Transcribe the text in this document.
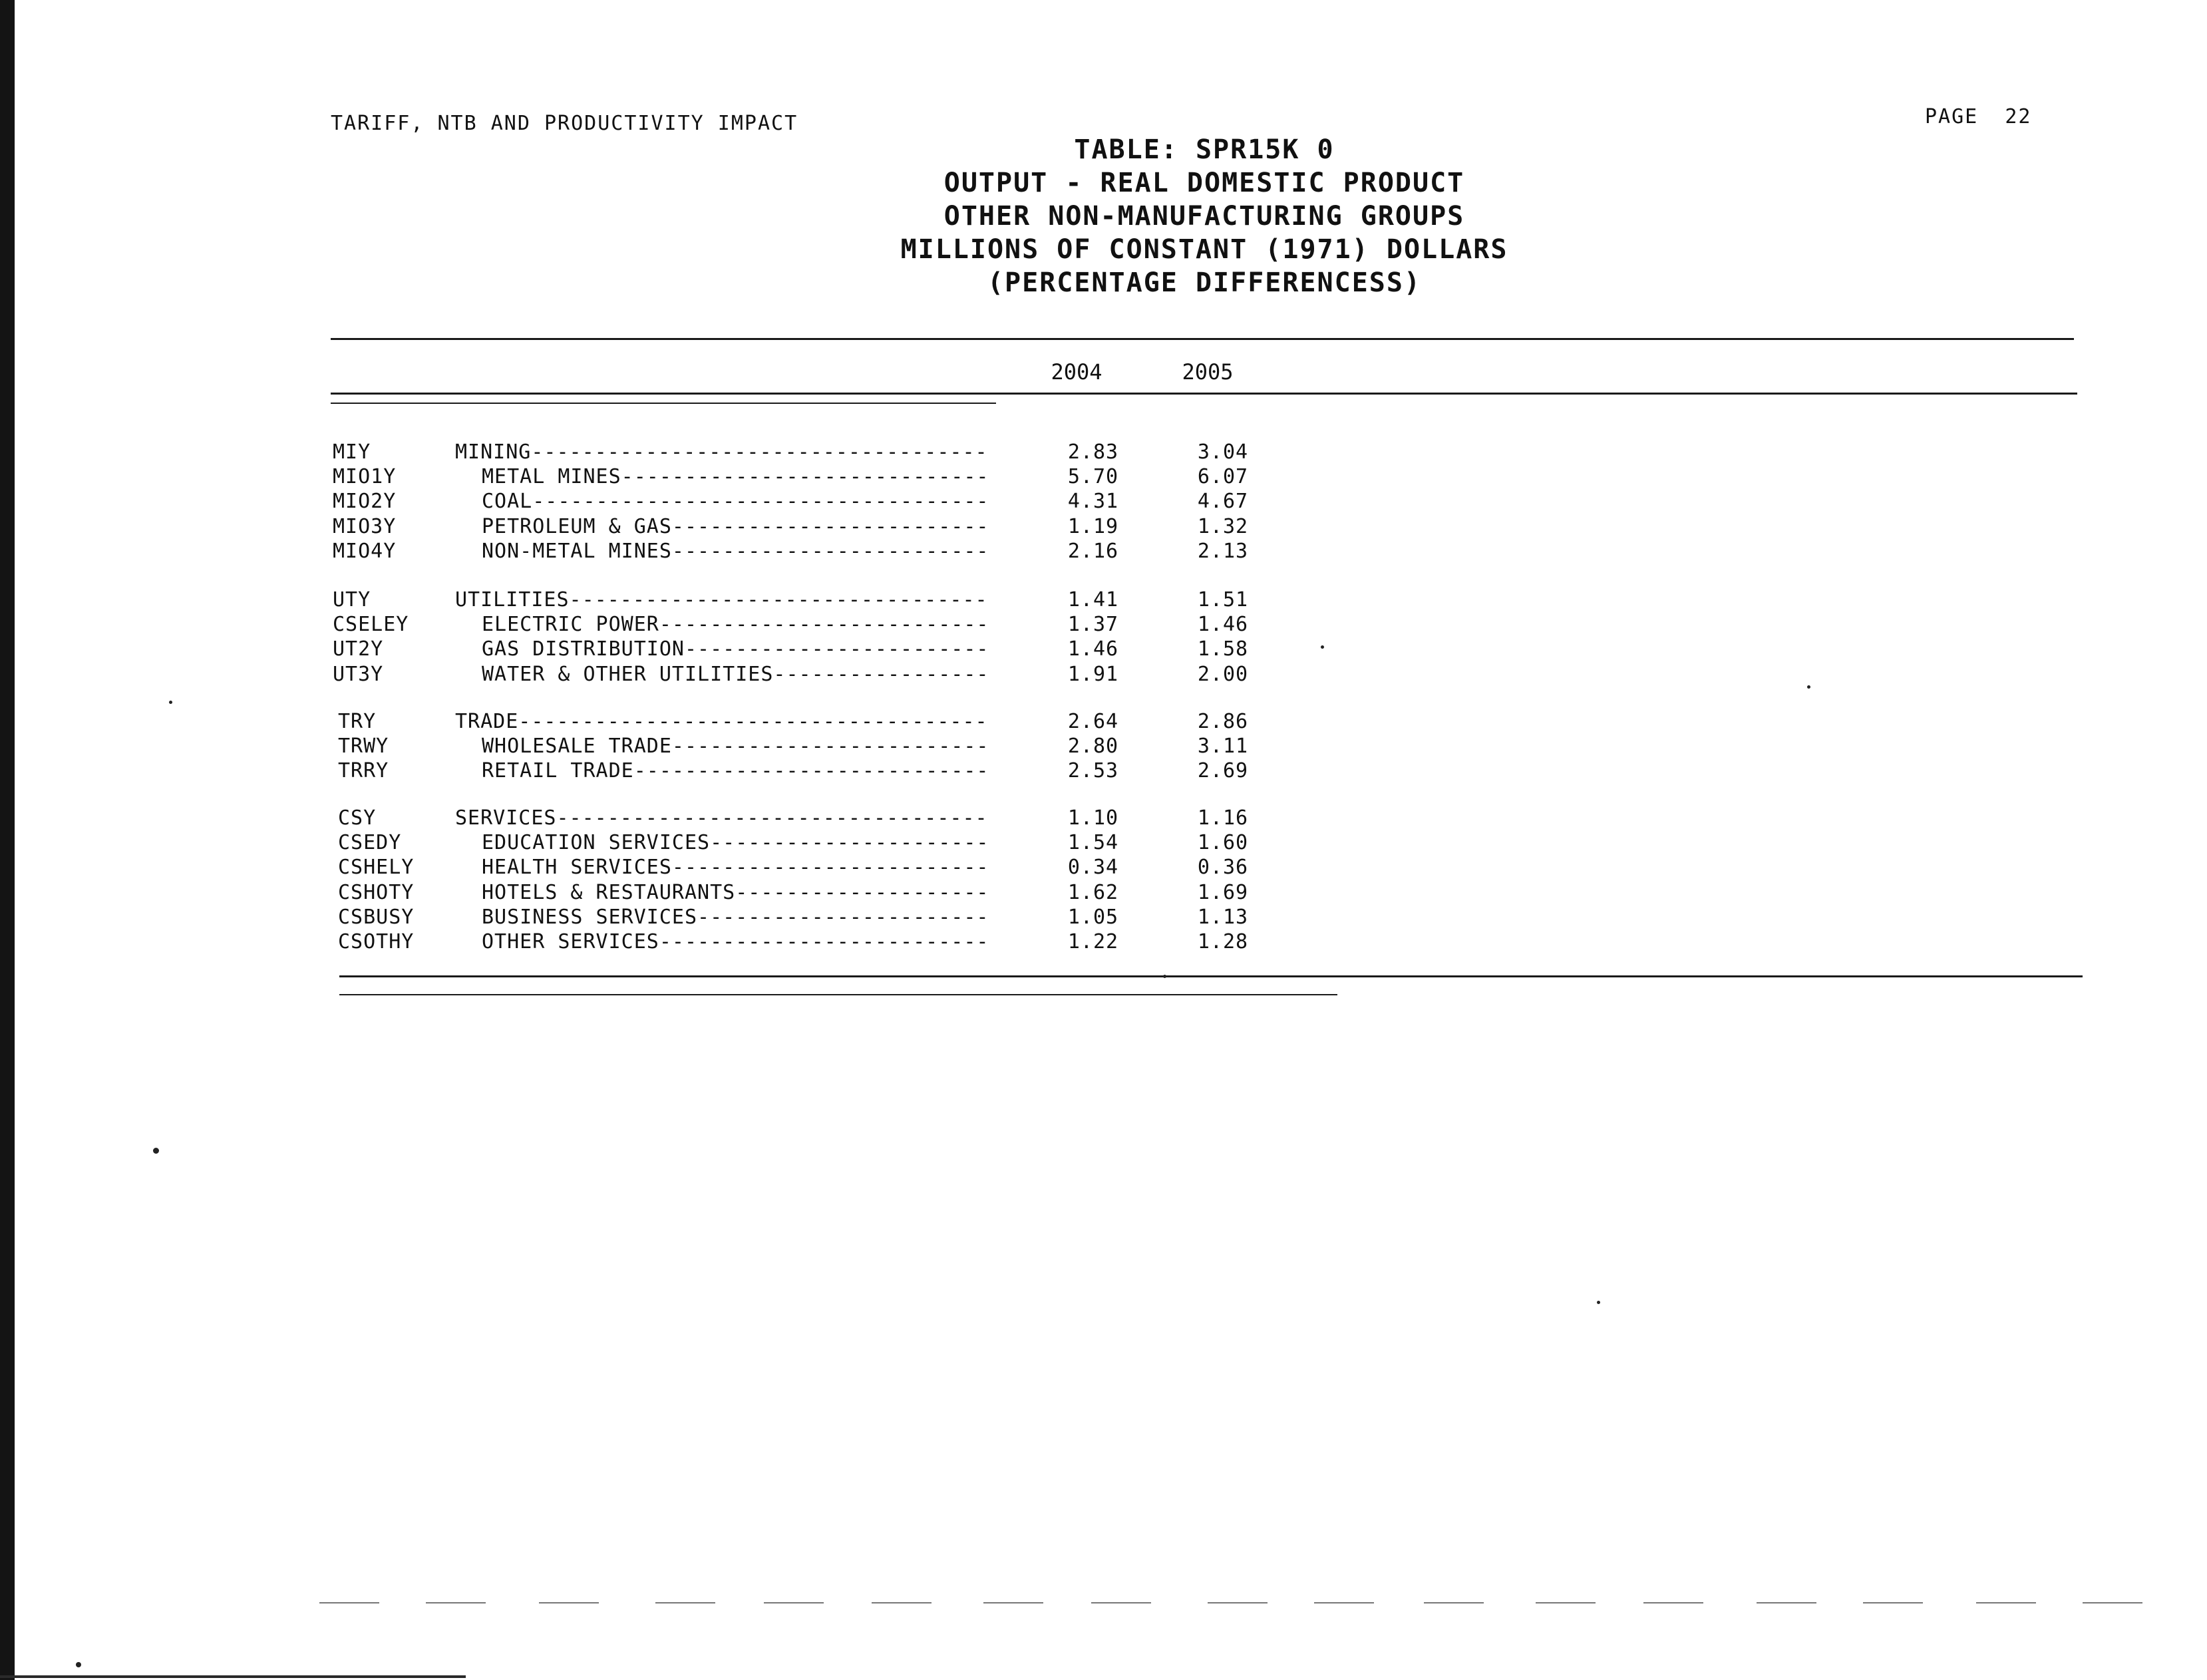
TARIFF, NTB AND PRODUCTIVITY IMPACT	PAGE 22
TABLE: SPR15K 0
OUTPUT - REAL DOMESTIC PRODUCT
OTHER NON-MANUFACTURING GROUPS
MILLIONS OF CONSTANT (1971) DOLLARS
(PERCENTAGE DIFFERENCESS)
2004	2005
MIY	MINING------------------------------------	2.83	3.04
MIO1Y	METAL MINES-----------------------------	5.70	6.07
MIO2Y	COAL------------------------------------	4.31	4.67
MIO3Y	PETROLEUM & GAS-------------------------	1.19	1.32
MIO4Y	NON-METAL MINES-------------------------	2.16	2.13
UTY	UTILITIES---------------------------------	1.41	1.51
CSELEY	ELECTRIC POWER--------------------------	1.37	1.46
UT2Y	GAS DISTRIBUTION------------------------	1.46	1.58
UT3Y	WATER & OTHER UTILITIES-----------------	1.91	2.00
TRY	TRADE-------------------------------------	2.64	2.86
TRWY	WHOLESALE TRADE-------------------------	2.80	3.11
TRRY	RETAIL TRADE----------------------------	2.53	2.69
CSY	SERVICES----------------------------------	1.10	1.16
CSEDY	EDUCATION SERVICES----------------------	1.54	1.60
CSHELY	HEALTH SERVICES-------------------------	0.34	0.36
CSHOTY	HOTELS & RESTAURANTS--------------------	1.62	1.69
CSBUSY	BUSINESS SERVICES-----------------------	1.05	1.13
CSOTHY	OTHER SERVICES--------------------------	1.22	1.28
